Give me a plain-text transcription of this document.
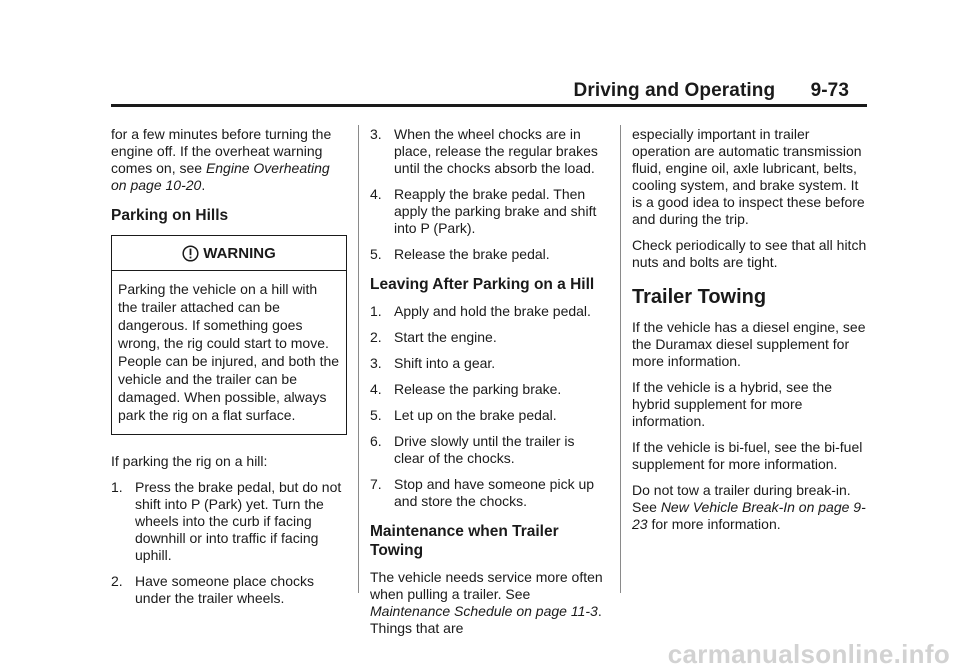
Driving and Operating 9-73

for a few minutes before turning the engine off. If the overheat warning comes on, see Engine Overheating on page 10-20.

Parking on Hills
WARNING
Parking the vehicle on a hill with the trailer attached can be dangerous. If something goes wrong, the rig could start to move. People can be injured, and both the vehicle and the trailer can be damaged. When possible, always park the rig on a flat surface.

If parking the rig on a hill:

1. Press the brake pedal, but do not shift into P (Park) yet. Turn the wheels into the curb if facing downhill or into traffic if facing uphill.
2. Have someone place chocks under the trailer wheels.
3. When the wheel chocks are in place, release the regular brakes until the chocks absorb the load.
4. Reapply the brake pedal. Then apply the parking brake and shift into P (Park).
5. Release the brake pedal.
Leaving After Parking on a Hill
1. Apply and hold the brake pedal.
2. Start the engine.
3. Shift into a gear.
4. Release the parking brake.
5. Let up on the brake pedal.
6. Drive slowly until the trailer is clear of the chocks.
7. Stop and have someone pick up and store the chocks.
Maintenance when Trailer Towing

The vehicle needs service more often when pulling a trailer. See Maintenance Schedule on page 11-3. Things that are

especially important in trailer operation are automatic transmission fluid, engine oil, axle lubricant, belts, cooling system, and brake system. It is a good idea to inspect these before and during the trip.

Check periodically to see that all hitch nuts and bolts are tight.

Trailer Towing

If the vehicle has a diesel engine, see the Duramax diesel supplement for more information.

If the vehicle is a hybrid, see the hybrid supplement for more information.

If the vehicle is bi-fuel, see the bi-fuel supplement for more information.

Do not tow a trailer during break-in. See New Vehicle Break-In on page 9-23 for more information.

carmanualsonline.info
